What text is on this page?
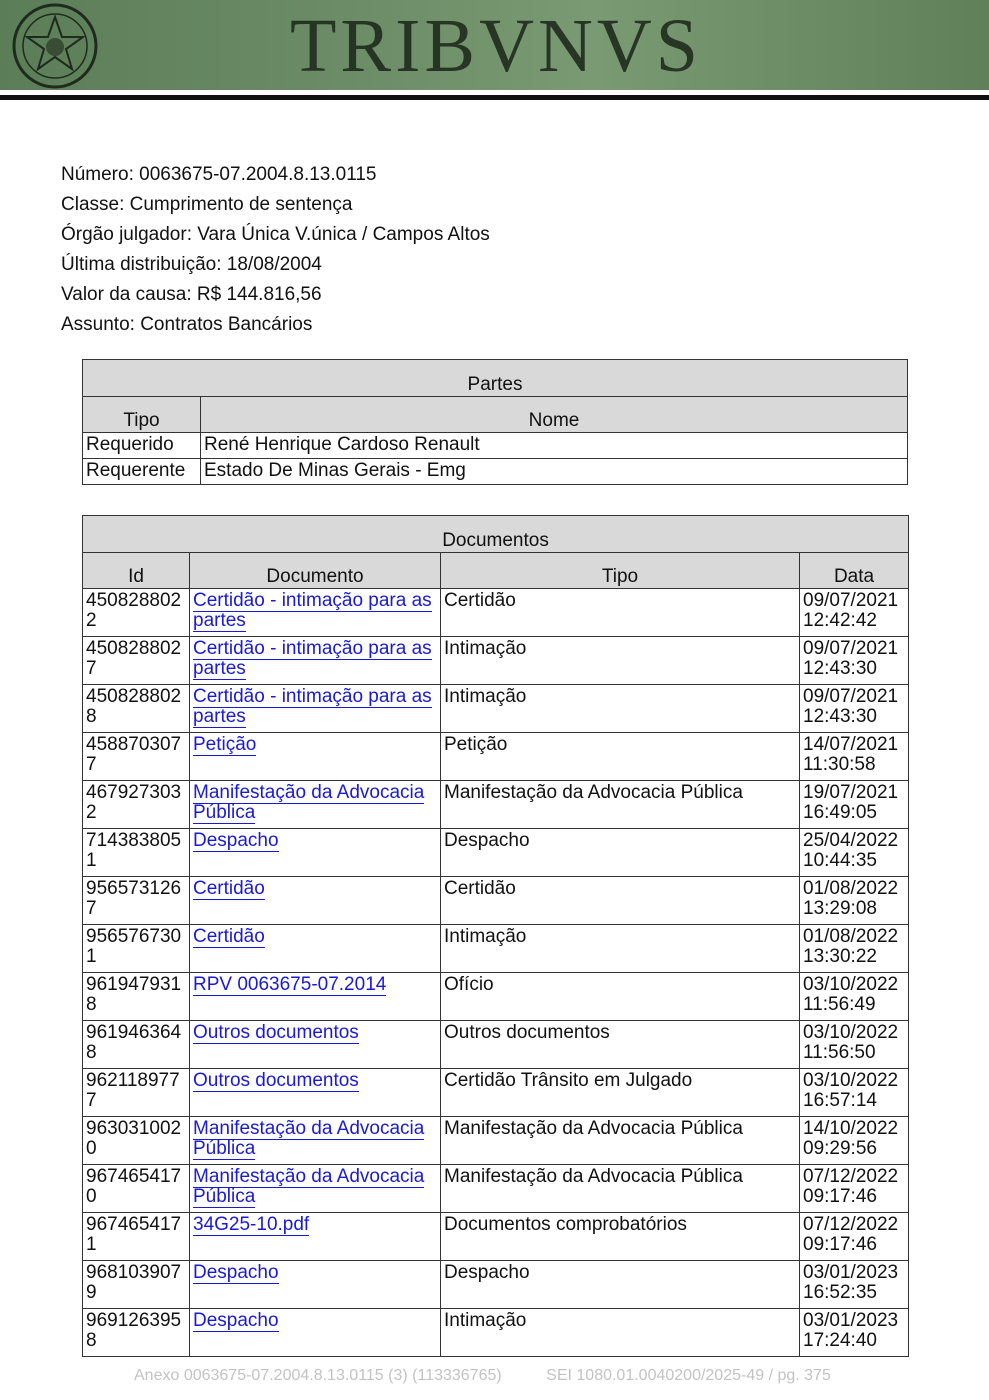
TRIBVNVS
Número: 0063675-07.2004.8.13.0115
Classe: Cumprimento de sentença
Órgão julgador: Vara Única V.única / Campos Altos
Última distribuição: 18/08/2004
Valor da causa: R$ 144.816,56
Assunto: Contratos Bancários
Partes	
Tipo	Nome
Requerido	René Henrique Cardoso Renault
Requerente	Estado De Minas Gerais - Emg
Documentos			
Id	Documento	Tipo	Data
4508288022	Certidão - intimação para as partes	Certidão	09/07/2021 12:42:42
4508288027	Certidão - intimação para as partes	Intimação	09/07/2021 12:43:30
4508288028	Certidão - intimação para as partes	Intimação	09/07/2021 12:43:30
4588703077	Petição	Petição	14/07/2021 11:30:58
4679273032	Manifestação da Advocacia Pública	Manifestação da Advocacia Pública	19/07/2021 16:49:05
7143838051	Despacho	Despacho	25/04/2022 10:44:35
9565731267	Certidão	Certidão	01/08/2022 13:29:08
9565767301	Certidão	Intimação	01/08/2022 13:30:22
9619479318	RPV 0063675-07.2014	Ofício	03/10/2022 11:56:49
9619463648	Outros documentos	Outros documentos	03/10/2022 11:56:50
9621189777	Outros documentos	Certidão Trânsito em Julgado	03/10/2022 16:57:14
9630310020	Manifestação da Advocacia Pública	Manifestação da Advocacia Pública	14/10/2022 09:29:56
9674654170	Manifestação da Advocacia Pública	Manifestação da Advocacia Pública	07/12/2022 09:17:46
9674654171	34G25-10.pdf	Documentos comprobatórios	07/12/2022 09:17:46
9681039079	Despacho	Despacho	03/01/2023 16:52:35
9691263958	Despacho	Intimação	03/01/2023 17:24:40
Anexo 0063675-07.2004.8.13.0115 (3) (113336765)	SEI 1080.01.0040200/2025-49 / pg. 375
